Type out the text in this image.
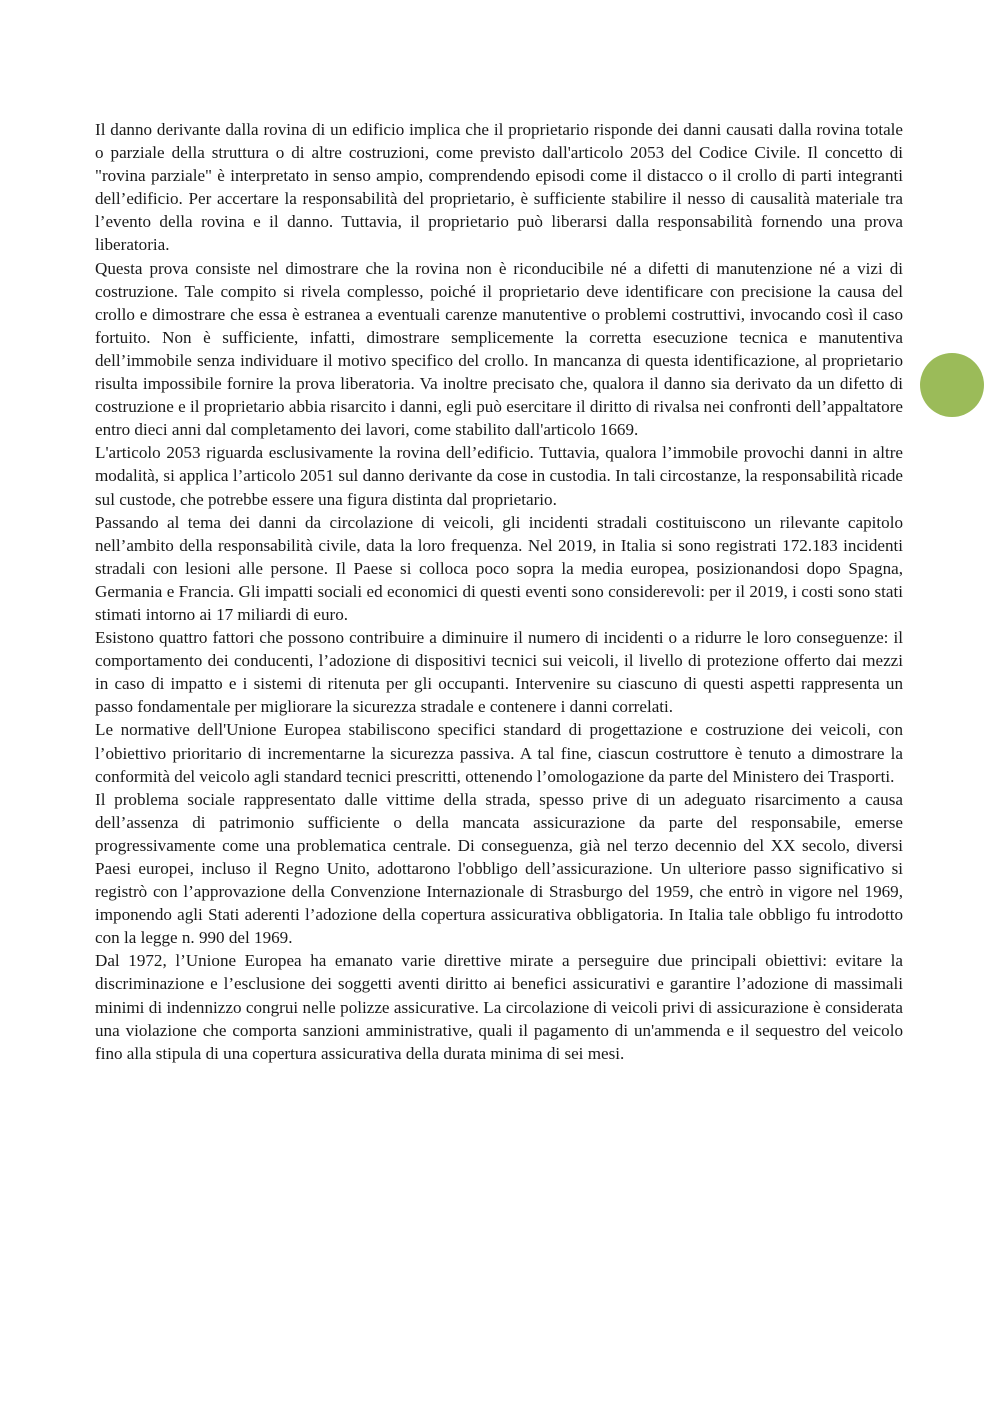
Il danno derivante dalla rovina di un edificio implica che il proprietario risponde dei danni causati dalla rovina totale o parziale della struttura o di altre costruzioni, come previsto dall'articolo 2053 del Codice Civile. Il concetto di "rovina parziale" è interpretato in senso ampio, comprendendo episodi come il distacco o il crollo di parti integranti dell’edificio. Per accertare la responsabilità del proprietario, è sufficiente stabilire il nesso di causalità materiale tra l’evento della rovina e il danno. Tuttavia, il proprietario può liberarsi dalla responsabilità fornendo una prova liberatoria.

Questa prova consiste nel dimostrare che la rovina non è riconducibile né a difetti di manutenzione né a vizi di costruzione. Tale compito si rivela complesso, poiché il proprietario deve identificare con precisione la causa del crollo e dimostrare che essa è estranea a eventuali carenze manutentive o problemi costruttivi, invocando così il caso fortuito. Non è sufficiente, infatti, dimostrare semplicemente la corretta esecuzione tecnica e manutentiva dell’immobile senza individuare il motivo specifico del crollo. In mancanza di questa identificazione, al proprietario risulta impossibile fornire la prova liberatoria. Va inoltre precisato che, qualora il danno sia derivato da un difetto di costruzione e il proprietario abbia risarcito i danni, egli può esercitare il diritto di rivalsa nei confronti dell’appaltatore entro dieci anni dal completamento dei lavori, come stabilito dall'articolo 1669.

L'articolo 2053 riguarda esclusivamente la rovina dell’edificio. Tuttavia, qualora l’immobile provochi danni in altre modalità, si applica l’articolo 2051 sul danno derivante da cose in custodia. In tali circostanze, la responsabilità ricade sul custode, che potrebbe essere una figura distinta dal proprietario.

Passando al tema dei danni da circolazione di veicoli, gli incidenti stradali costituiscono un rilevante capitolo nell’ambito della responsabilità civile, data la loro frequenza. Nel 2019, in Italia si sono registrati 172.183 incidenti stradali con lesioni alle persone. Il Paese si colloca poco sopra la media europea, posizionandosi dopo Spagna, Germania e Francia. Gli impatti sociali ed economici di questi eventi sono considerevoli: per il 2019, i costi sono stati stimati intorno ai 17 miliardi di euro.

Esistono quattro fattori che possono contribuire a diminuire il numero di incidenti o a ridurre le loro conseguenze: il comportamento dei conducenti, l’adozione di dispositivi tecnici sui veicoli, il livello di protezione offerto dai mezzi in caso di impatto e i sistemi di ritenuta per gli occupanti. Intervenire su ciascuno di questi aspetti rappresenta un passo fondamentale per migliorare la sicurezza stradale e contenere i danni correlati.

Le normative dell'Unione Europea stabiliscono specifici standard di progettazione e costruzione dei veicoli, con l’obiettivo prioritario di incrementarne la sicurezza passiva. A tal fine, ciascun costruttore è tenuto a dimostrare la conformità del veicolo agli standard tecnici prescritti, ottenendo l’omologazione da parte del Ministero dei Trasporti.

Il problema sociale rappresentato dalle vittime della strada, spesso prive di un adeguato risarcimento a causa dell’assenza di patrimonio sufficiente o della mancata assicurazione da parte del responsabile, emerse progressivamente come una problematica centrale. Di conseguenza, già nel terzo decennio del XX secolo, diversi Paesi europei, incluso il Regno Unito, adottarono l'obbligo dell’assicurazione. Un ulteriore passo significativo si registrò con l’approvazione della Convenzione Internazionale di Strasburgo del 1959, che entrò in vigore nel 1969, imponendo agli Stati aderenti l’adozione della copertura assicurativa obbligatoria. In Italia tale obbligo fu introdotto con la legge n. 990 del 1969.

Dal 1972, l’Unione Europea ha emanato varie direttive mirate a perseguire due principali obiettivi: evitare la discriminazione e l’esclusione dei soggetti aventi diritto ai benefici assicurativi e garantire l’adozione di massimali minimi di indennizzo congrui nelle polizze assicurative. La circolazione di veicoli privi di assicurazione è considerata una violazione che comporta sanzioni amministrative, quali il pagamento di un'ammenda e il sequestro del veicolo fino alla stipula di una copertura assicurativa della durata minima di sei mesi.
